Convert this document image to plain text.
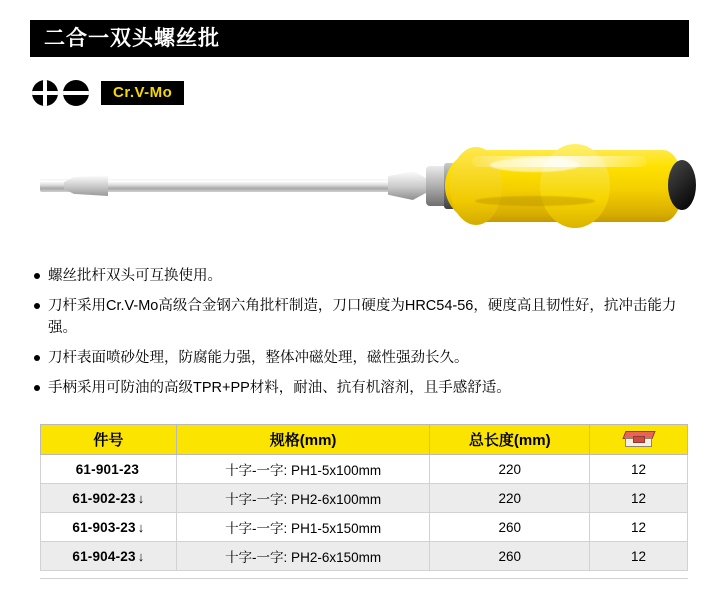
二合一双头螺丝批
Cr.V-Mo
螺丝批杆双头可互换使用。
刀杆采用Cr.V-Mo高级合金钢六角批杆制造，刀口硬度为HRC54-56，硬度高且韧性好，抗冲击能力强。
刀杆表面喷砂处理，防腐能力强，整体冲磁处理，磁性强劲长久。
手柄采用可防油的高级TPR+PP材料，耐油、抗有机溶剂，且手感舒适。
件号	规格(mm)	总长度(mm)	

61-901-23	十字-一字: PH1-5x100mm	220	12
61-902-23 ↓	十字-一字: PH2-6x100mm	220	12
61-903-23 ↓	十字-一字: PH1-5x150mm	260	12
61-904-23 ↓	十字-一字: PH2-6x150mm	260	12
